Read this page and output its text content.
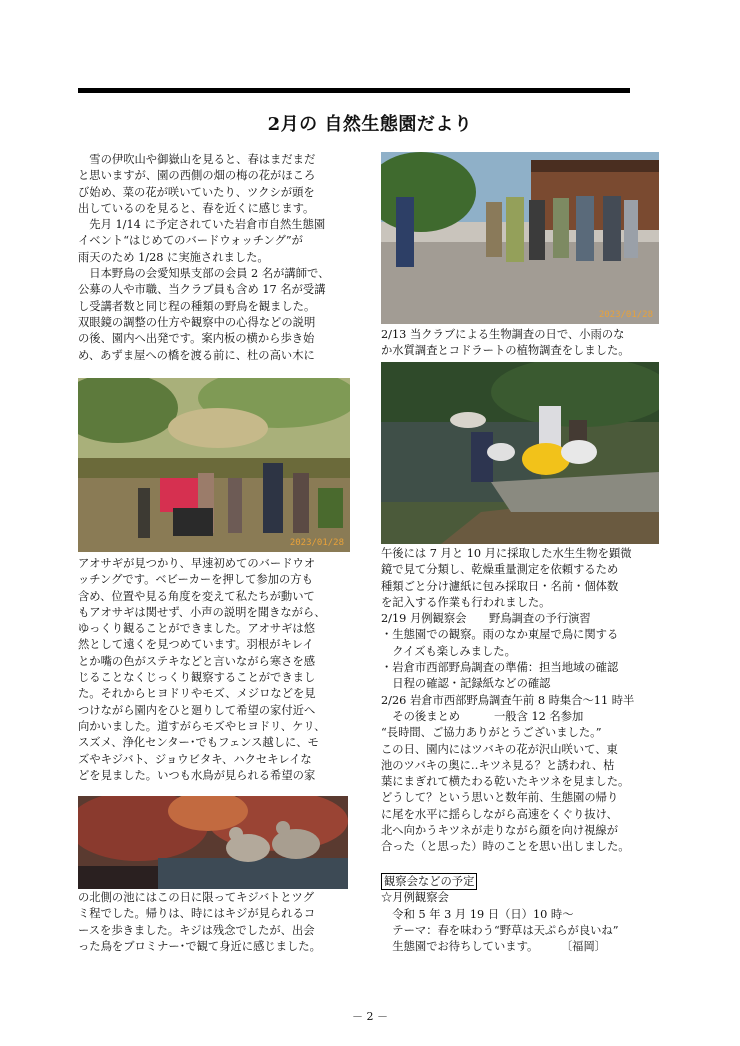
2月の 自然生態園だより

　雪の伊吹山や御嶽山を見ると、春はまだまだ

と思いますが、園の西側の畑の梅の花がほころ

び始め、菜の花が咲いていたり、ツクシが頭を

出しているのを見ると、春を近くに感じます。

　先月 1/14 に予定されていた岩倉市自然生態園

イベント“はじめてのバードウォッチング”が

雨天のため 1/28 に実施されました。

　日本野鳥の会愛知県支部の会員 2 名が講師で、

公募の人や市職、当クラブ員も含め 17 名が受講

し受講者数と同じ程の種類の野鳥を観ました。

双眼鏡の調整の仕方や観察中の心得などの説明

の後、園内へ出発です。案内板の横から歩き始

め、あずま屋への橋を渡る前に、杜の高い木に

2023/01/28

アオサギが見つかり、早速初めてのバードウオ

ッチングです。ベビーカーを押して参加の方も

含め、位置や見る角度を変えて私たちが動いて

もアオサギは関せず、小声の説明を聞きながら、

ゆっくり観ることができました。アオサギは悠

然として遠くを見つめています。羽根がキレイ

とか嘴の色がステキなどと言いながら寒さを感

じることなくじっくり観察することができまし

た。それからヒヨドリやモズ、メジロなどを見

つけながら園内をひと廻りして希望の家付近へ

向かいました。道すがらモズやヒヨドリ、ケリ、

スズメ、浄化センター･でもフェンス越しに、モ

ズやキジバト、ジョウビタキ、ハクセキレイな

どを見ました。いつも水鳥が見られる希望の家

の北側の池にはこの日に限ってキジバトとツグ

ミ程でした。帰りは、時にはキジが見られるコ

ースを歩きました。キジは残念でしたが、出会

った鳥をブロミナー･で観て身近に感じました。

2023/01/28

2/13 当クラブによる生物調査の日で、小雨のな

か水質調査とコドラートの植物調査をしました。

午後には 7 月と 10 月に採取した水生生物を顕微

鏡で見て分類し、乾燥重量測定を依頼するため

種類ごと分け濾紙に包み採取日・名前・個体数

を記入する作業も行われました。

2/19 月例観察会　　野鳥調査の予行演習

・生態園での観察。雨のなか東屋で鳥に関する

　クイズも楽しみました。

・岩倉市西部野鳥調査の準備：担当地域の確認

　日程の確認・記録紙などの確認

2/26 岩倉市西部野鳥調査午前 8 時集合～11 時半

　その後まとめ　　　一般含 12 名参加

“長時間、ご協力ありがとうございました。”

この日、園内にはツバキの花が沢山咲いて、東

池のツバキの奥に‥キツネ見る？と誘われ、枯

葉にまぎれて横たわる乾いたキツネを見ました。

どうして？という思いと数年前、生態園の帰り

に尾を水平に揺らしながら高速をくぐり抜け、

北へ向かうキツネが走りながら顔を向け視線が

合った（と思った）時のことを思い出しました。

観察会などの予定

☆月例観察会

　令和 5 年 3 月 19 日（日）10 時～

　テーマ：春を味わう“野草は天ぷらが良いね”

　生態園でお待ちしています。　　　〔福岡〕

－ 2 －
